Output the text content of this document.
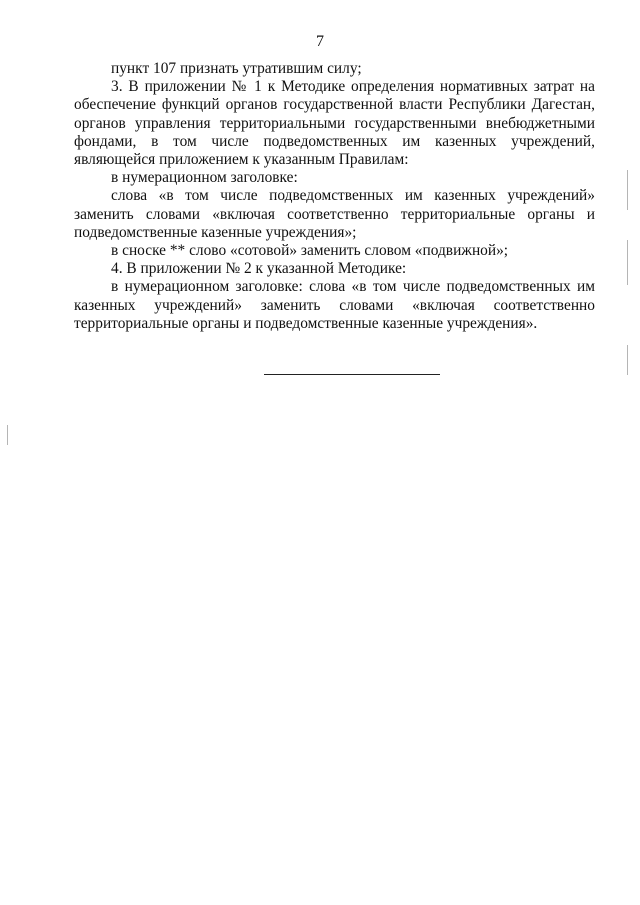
7

пункт 107 признать утратившим силу;

3. В приложении № 1 к Методике определения нормативных затрат на обеспечение функций органов государственной власти Республики Дагестан, органов управления территориальными государственными внебюджетными фондами, в том числе подведомственных им казенных учреждений, являющейся приложением к указанным Правилам:

в нумерационном заголовке:

слова «в том числе подведомственных им казенных учреждений» заменить словами «включая соответственно территориальные органы и подведомственные казенные учреждения»;

в сноске ** слово «сотовой» заменить словом «подвижной»;

4. В приложении № 2 к указанной Методике:

в нумерационном заголовке: слова «в том числе подведомственных им казенных учреждений» заменить словами «включая соответственно территориальные органы и подведомственные казенные учреждения».
